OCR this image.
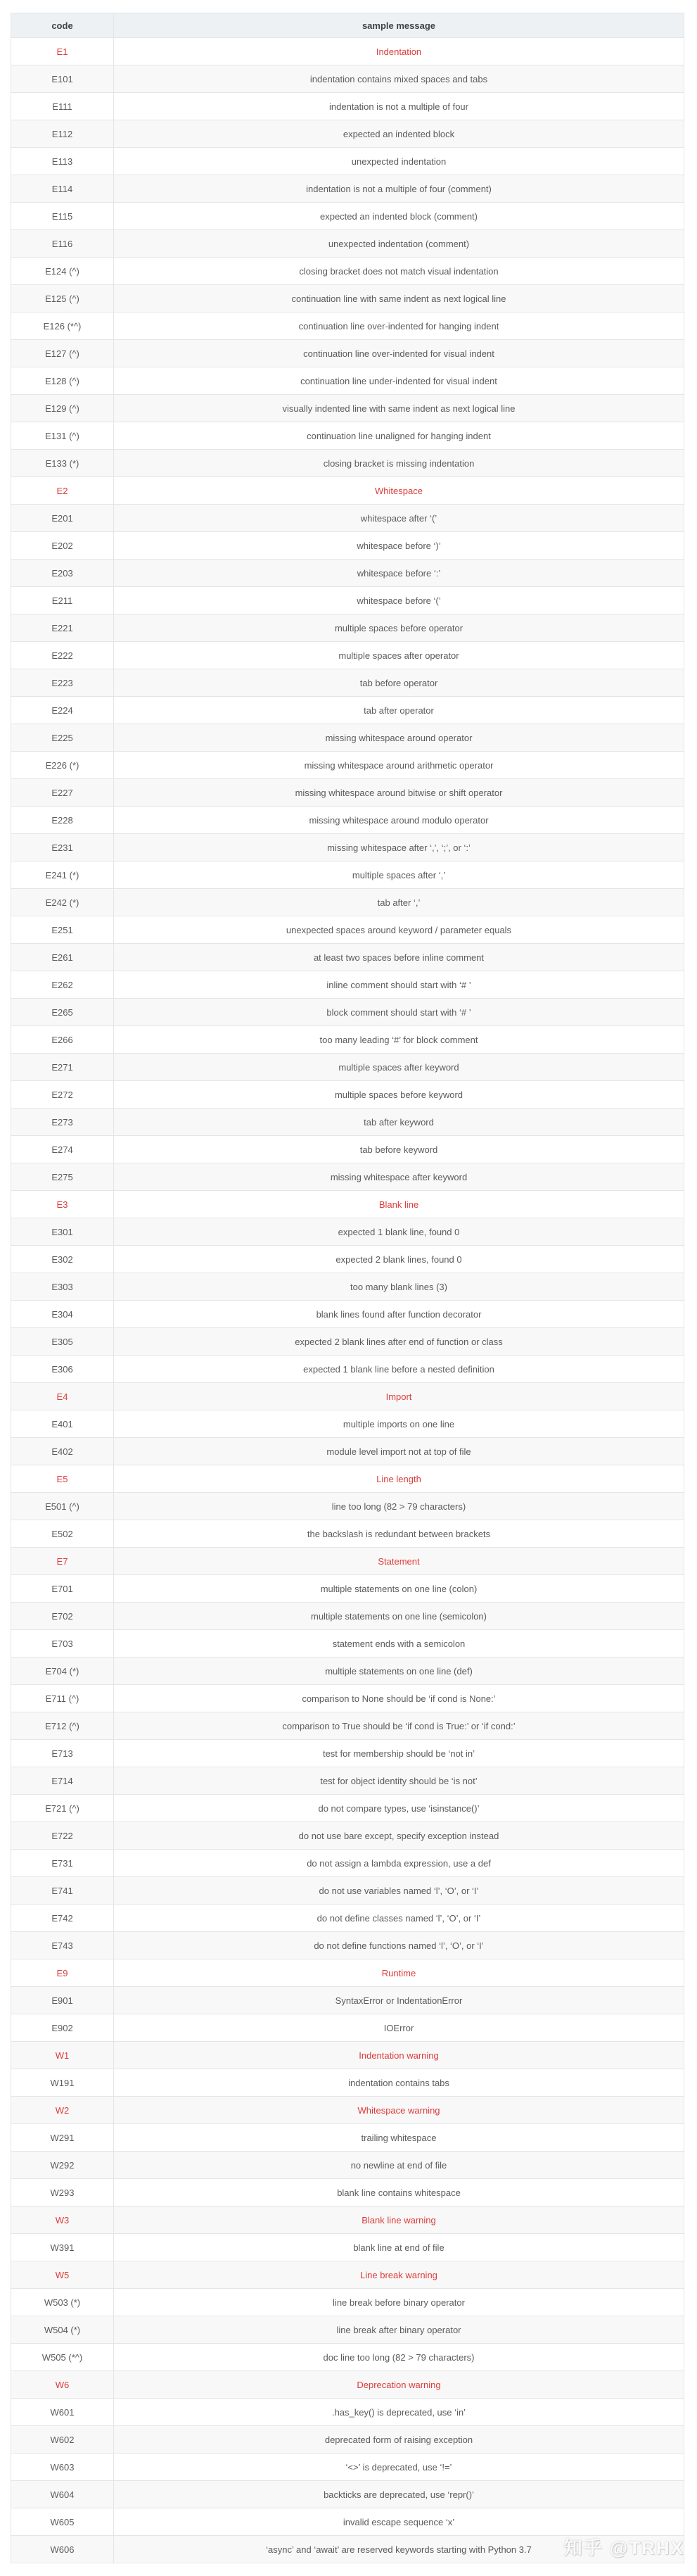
code	sample message
E1	Indentation
E101	indentation contains mixed spaces and tabs
E111	indentation is not a multiple of four
E112	expected an indented block
E113	unexpected indentation
E114	indentation is not a multiple of four (comment)
E115	expected an indented block (comment)
E116	unexpected indentation (comment)
E124 (^)	closing bracket does not match visual indentation
E125 (^)	continuation line with same indent as next logical line
E126 (*^)	continuation line over-indented for hanging indent
E127 (^)	continuation line over-indented for visual indent
E128 (^)	continuation line under-indented for visual indent
E129 (^)	visually indented line with same indent as next logical line
E131 (^)	continuation line unaligned for hanging indent
E133 (*)	closing bracket is missing indentation
E2	Whitespace
E201	whitespace after ‘(’
E202	whitespace before ‘)’
E203	whitespace before ‘:’
E211	whitespace before ‘(’
E221	multiple spaces before operator
E222	multiple spaces after operator
E223	tab before operator
E224	tab after operator
E225	missing whitespace around operator
E226 (*)	missing whitespace around arithmetic operator
E227	missing whitespace around bitwise or shift operator
E228	missing whitespace around modulo operator
E231	missing whitespace after ‘,’, ‘;’, or ‘:’
E241 (*)	multiple spaces after ‘,’
E242 (*)	tab after ‘,’
E251	unexpected spaces around keyword / parameter equals
E261	at least two spaces before inline comment
E262	inline comment should start with ‘# ’
E265	block comment should start with ‘# ’
E266	too many leading ‘#’ for block comment
E271	multiple spaces after keyword
E272	multiple spaces before keyword
E273	tab after keyword
E274	tab before keyword
E275	missing whitespace after keyword
E3	Blank line
E301	expected 1 blank line, found 0
E302	expected 2 blank lines, found 0
E303	too many blank lines (3)
E304	blank lines found after function decorator
E305	expected 2 blank lines after end of function or class
E306	expected 1 blank line before a nested definition
E4	Import
E401	multiple imports on one line
E402	module level import not at top of file
E5	Line length
E501 (^)	line too long (82 > 79 characters)
E502	the backslash is redundant between brackets
E7	Statement
E701	multiple statements on one line (colon)
E702	multiple statements on one line (semicolon)
E703	statement ends with a semicolon
E704 (*)	multiple statements on one line (def)
E711 (^)	comparison to None should be ‘if cond is None:’
E712 (^)	comparison to True should be ‘if cond is True:’ or ‘if cond:’
E713	test for membership should be ‘not in’
E714	test for object identity should be ‘is not’
E721 (^)	do not compare types, use ‘isinstance()’
E722	do not use bare except, specify exception instead
E731	do not assign a lambda expression, use a def
E741	do not use variables named ‘l’, ‘O’, or ‘I’
E742	do not define classes named ‘l’, ‘O’, or ‘I’
E743	do not define functions named ‘l’, ‘O’, or ‘I’
E9	Runtime
E901	SyntaxError or IndentationError
E902	IOError
W1	Indentation warning
W191	indentation contains tabs
W2	Whitespace warning
W291	trailing whitespace
W292	no newline at end of file
W293	blank line contains whitespace
W3	Blank line warning
W391	blank line at end of file
W5	Line break warning
W503 (*)	line break before binary operator
W504 (*)	line break after binary operator
W505 (*^)	doc line too long (82 > 79 characters)
W6	Deprecation warning
W601	.has_key() is deprecated, use ‘in’
W602	deprecated form of raising exception
W603	‘<>’ is deprecated, use ‘!=’
W604	backticks are deprecated, use ‘repr()’
W605	invalid escape sequence ‘x’
W606	‘async’ and ‘await’ are reserved keywords starting with Python 3.7 知乎 @TRHX
